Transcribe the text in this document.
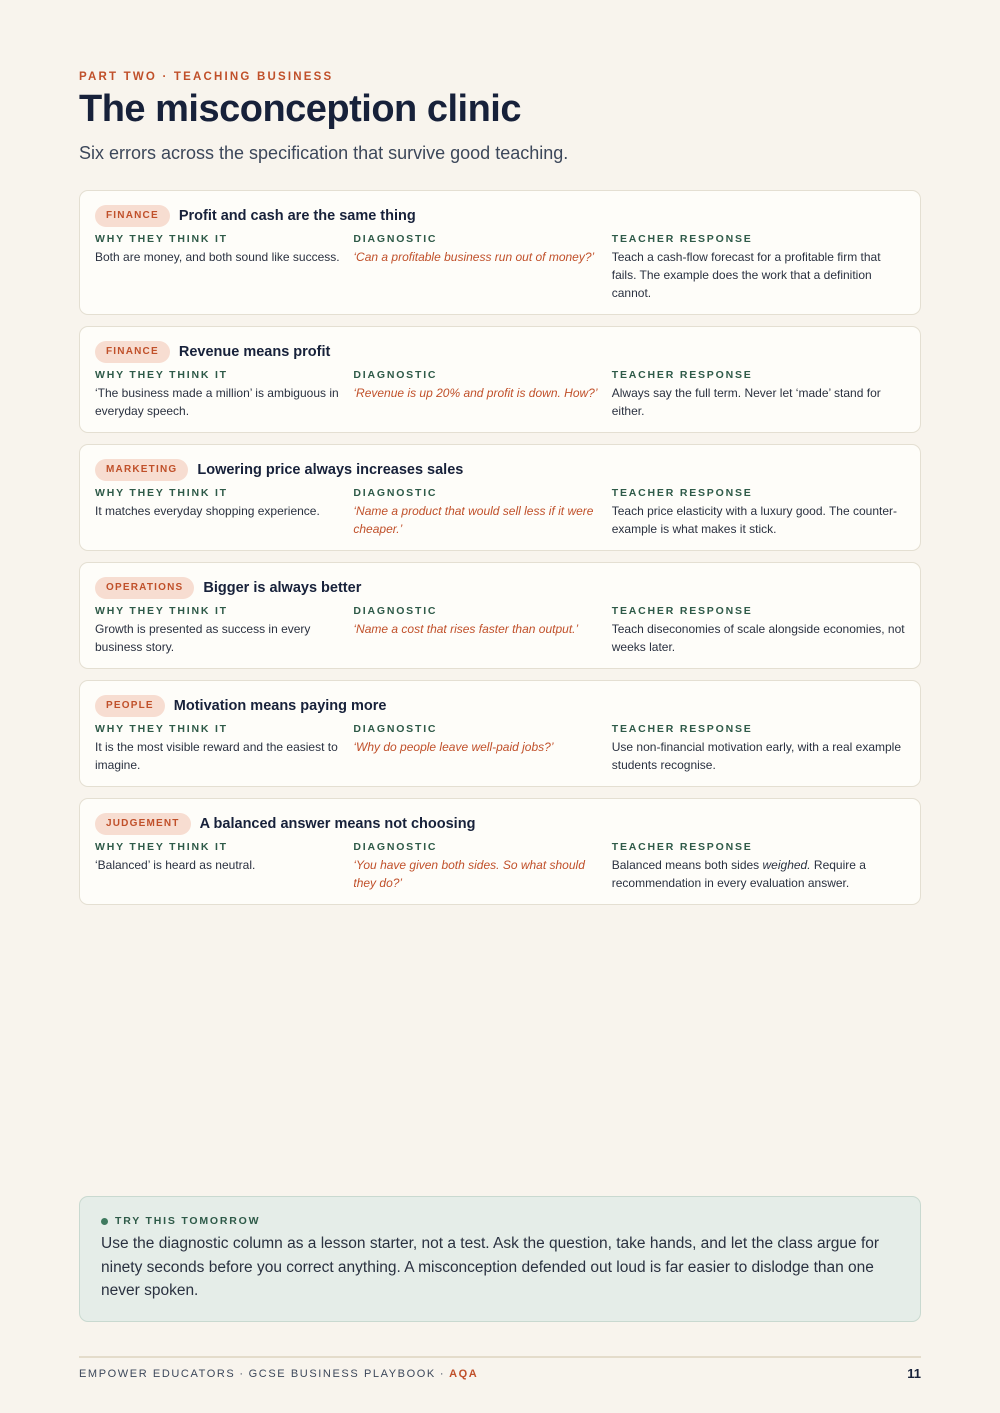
PART TWO · TEACHING BUSINESS
The misconception clinic
Six errors across the specification that survive good teaching.
FINANCE	Profit and cash are the same thing
WHY THEY THINK IT
Both are money, and both sound like success.
DIAGNOSTIC
‘Can a profitable business run out of money?’
TEACHER RESPONSE
Teach a cash-flow forecast for a profitable firm that fails. The example does the work that a definition cannot.
FINANCE	Revenue means profit
WHY THEY THINK IT
‘The business made a million’ is ambiguous in everyday speech.
DIAGNOSTIC
‘Revenue is up 20% and profit is down. How?’
TEACHER RESPONSE
Always say the full term. Never let ‘made’ stand for either.
MARKETING	Lowering price always increases sales
WHY THEY THINK IT
It matches everyday shopping experience.
DIAGNOSTIC
‘Name a product that would sell less if it were cheaper.’
TEACHER RESPONSE
Teach price elasticity with a luxury good. The counter-example is what makes it stick.
OPERATIONS	Bigger is always better
WHY THEY THINK IT
Growth is presented as success in every business story.
DIAGNOSTIC
‘Name a cost that rises faster than output.’
TEACHER RESPONSE
Teach diseconomies of scale alongside economies, not weeks later.
PEOPLE	Motivation means paying more
WHY THEY THINK IT
It is the most visible reward and the easiest to imagine.
DIAGNOSTIC
‘Why do people leave well-paid jobs?’
TEACHER RESPONSE
Use non-financial motivation early, with a real example students recognise.
JUDGEMENT	A balanced answer means not choosing
WHY THEY THINK IT
‘Balanced’ is heard as neutral.
DIAGNOSTIC
‘You have given both sides. So what should they do?’
TEACHER RESPONSE
Balanced means both sides weighed. Require a recommendation in every evaluation answer.
TRY THIS TOMORROW
Use the diagnostic column as a lesson starter, not a test. Ask the question, take hands, and let the class argue for ninety seconds before you correct anything. A misconception defended out loud is far easier to dislodge than one never spoken.
EMPOWER EDUCATORS · GCSE BUSINESS PLAYBOOK · AQA	11
